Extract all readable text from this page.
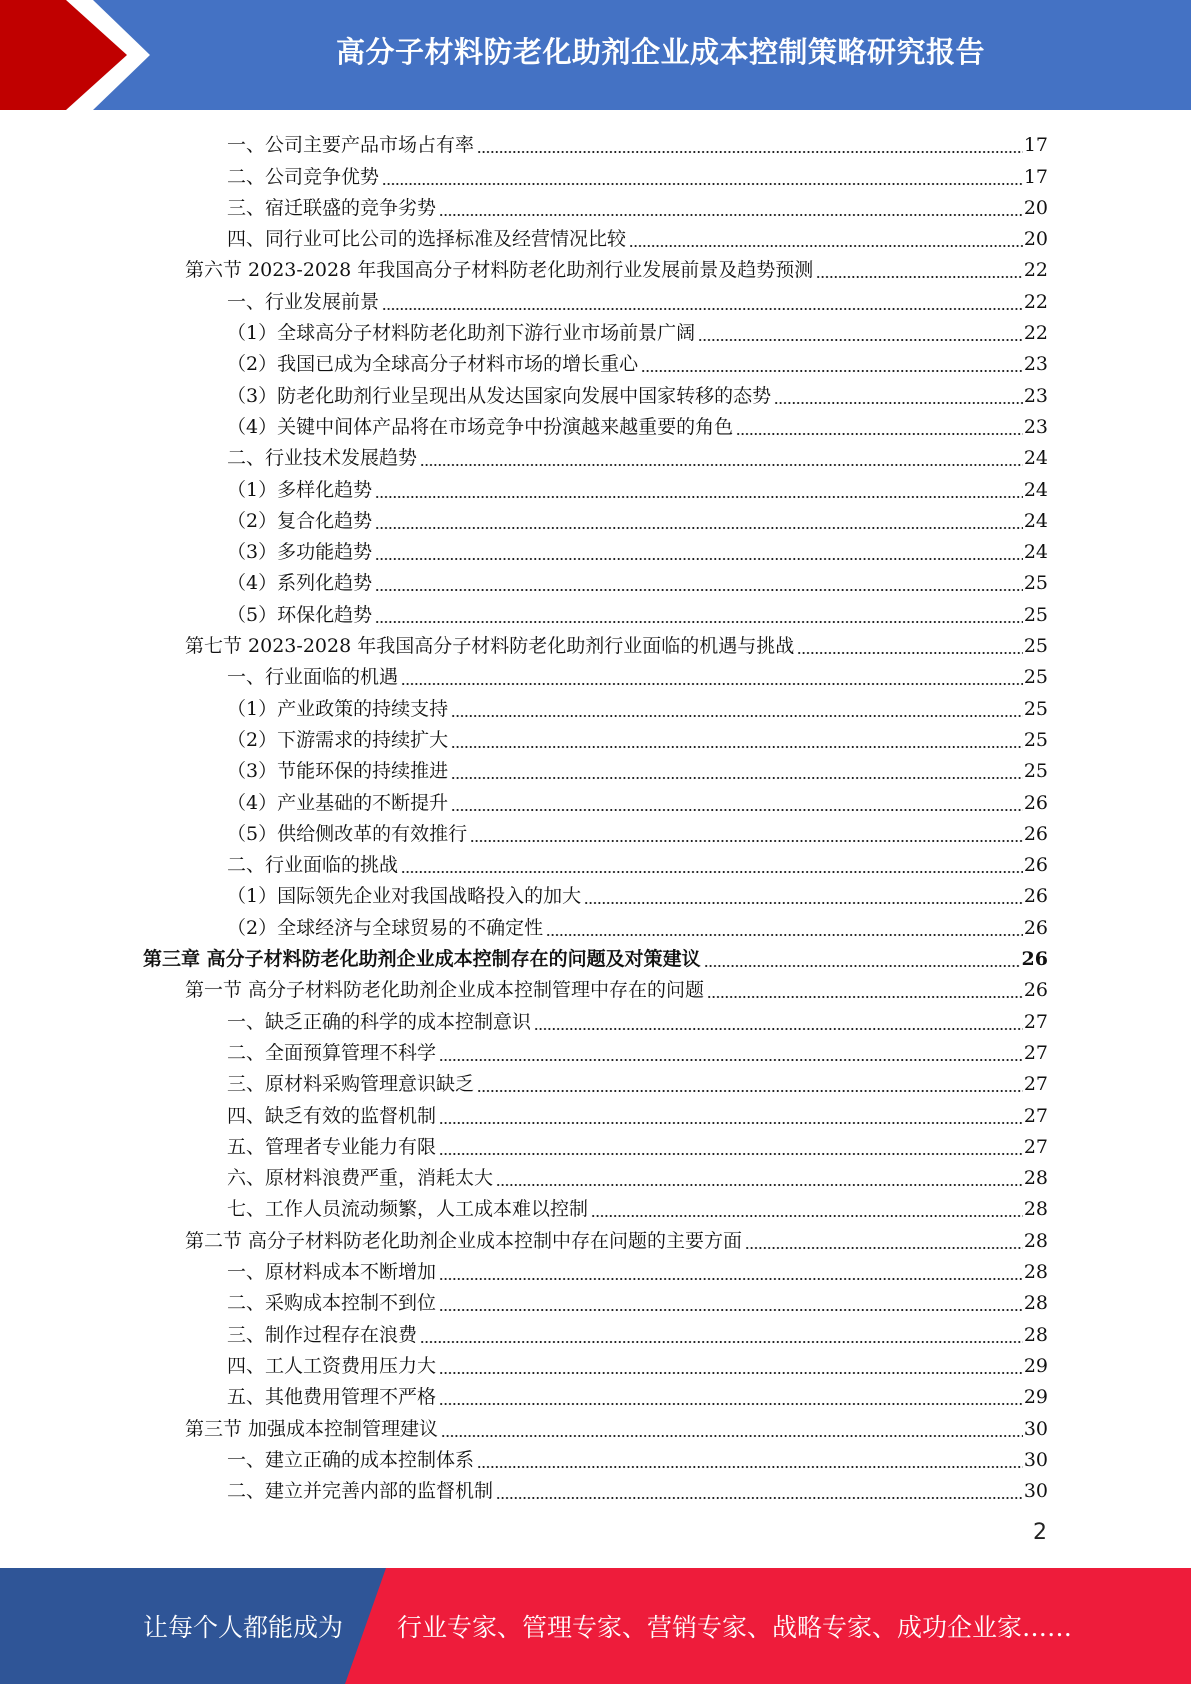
高分子材料防老化助剂企业成本控制策略研究报告
一、公司主要产品市场占有率	17
二、公司竞争优势	17
三、宿迁联盛的竞争劣势	20
四、同行业可比公司的选择标准及经营情况比较	20
第六节 2023-2028 年我国高分子材料防老化助剂行业发展前景及趋势预测	22
一、行业发展前景	22
（1）全球高分子材料防老化助剂下游行业市场前景广阔	22
（2）我国已成为全球高分子材料市场的增长重心	23
（3）防老化助剂行业呈现出从发达国家向发展中国家转移的态势	23
（4）关键中间体产品将在市场竞争中扮演越来越重要的角色	23
二、行业技术发展趋势	24
（1）多样化趋势	24
（2）复合化趋势	24
（3）多功能趋势	24
（4）系列化趋势	25
（5）环保化趋势	25
第七节 2023-2028 年我国高分子材料防老化助剂行业面临的机遇与挑战	25
一、行业面临的机遇	25
（1）产业政策的持续支持	25
（2）下游需求的持续扩大	25
（3）节能环保的持续推进	25
（4）产业基础的不断提升	26
（5）供给侧改革的有效推行	26
二、行业面临的挑战	26
（1）国际领先企业对我国战略投入的加大	26
（2）全球经济与全球贸易的不确定性	26
第三章 高分子材料防老化助剂企业成本控制存在的问题及对策建议	26
第一节 高分子材料防老化助剂企业成本控制管理中存在的问题	26
一、缺乏正确的科学的成本控制意识	27
二、全面预算管理不科学	27
三、原材料采购管理意识缺乏	27
四、缺乏有效的监督机制	27
五、管理者专业能力有限	27
六、原材料浪费严重，消耗太大	28
七、工作人员流动频繁，人工成本难以控制	28
第二节 高分子材料防老化助剂企业成本控制中存在问题的主要方面	28
一、原材料成本不断增加	28
二、采购成本控制不到位	28
三、制作过程存在浪费	28
四、工人工资费用压力大	29
五、其他费用管理不严格	29
第三节 加强成本控制管理建议	30
一、建立正确的成本控制体系	30
二、建立并完善内部的监督机制	30
2
让每个人都能成为 行业专家、管理专家、营销专家、战略专家、成功企业家……
